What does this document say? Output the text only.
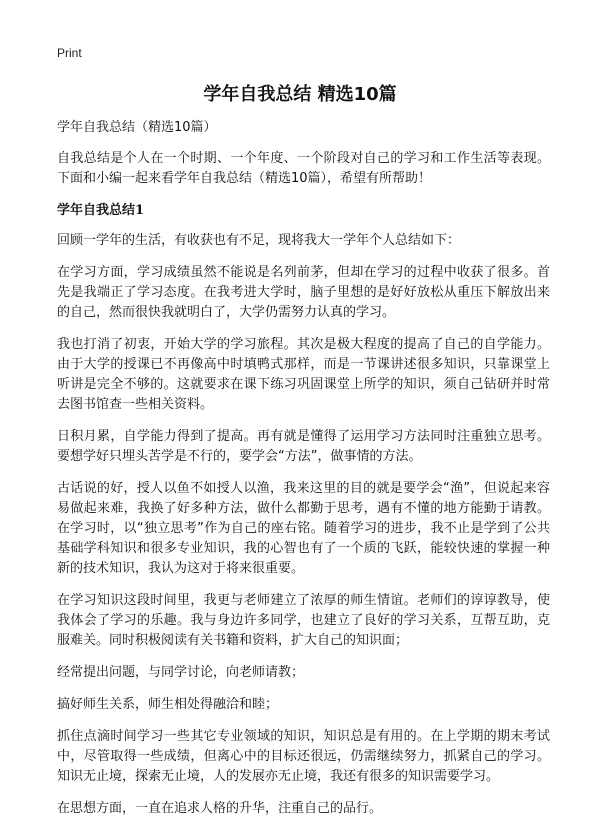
Print
学年自我总结 精选10篇

学年自我总结（精选10篇）

自我总结是个人在一个时期、一个年度、一个阶段对自己的学习和工作生活等表现。下面和小编一起来看学年自我总结（精选10篇），希望有所帮助！

学年自我总结1

回顾一学年的生活，有收获也有不足，现将我大一学年个人总结如下：

在学习方面，学习成绩虽然不能说是名列前茅，但却在学习的过程中收获了很多。首先是我端正了学习态度。在我考进大学时，脑子里想的是好好放松从重压下解放出来的自己，然而很快我就明白了，大学仍需努力认真的学习。

我也打消了初衷，开始大学的学习旅程。其次是极大程度的提高了自己的自学能力。由于大学的授课已不再像高中时填鸭式那样，而是一节课讲述很多知识，只靠课堂上听讲是完全不够的。这就要求在课下练习巩固课堂上所学的知识，须自己钻研并时常去图书馆查一些相关资料。

日积月累，自学能力得到了提高。再有就是懂得了运用学习方法同时注重独立思考。要想学好只埋头苦学是不行的，要学会“方法”，做事情的方法。

古话说的好，授人以鱼不如授人以渔，我来这里的目的就是要学会“渔”，但说起来容易做起来难，我换了好多种方法，做什么都勤于思考，遇有不懂的地方能勤于请教。在学习时，以“独立思考”作为自己的座右铭。随着学习的进步，我不止是学到了公共基础学科知识和很多专业知识，我的心智也有了一个质的飞跃，能较快速的掌握一种新的技术知识，我认为这对于将来很重要。

在学习知识这段时间里，我更与老师建立了浓厚的师生情谊。老师们的谆谆教导，使我体会了学习的乐趣。我与身边许多同学，也建立了良好的学习关系，互帮互助，克服难关。同时积极阅读有关书籍和资料，扩大自己的知识面；

经常提出问题，与同学讨论，向老师请教；

搞好师生关系，师生相处得融洽和睦；

抓住点滴时间学习一些其它专业领域的知识，知识总是有用的。在上学期的期末考试中，尽管取得一些成绩，但离心中的目标还很远，仍需继续努力，抓紧自己的学习。知识无止境，探索无止境，人的发展亦无止境，我还有很多的知识需要学习。

在思想方面，一直在追求人格的升华，注重自己的品行。
